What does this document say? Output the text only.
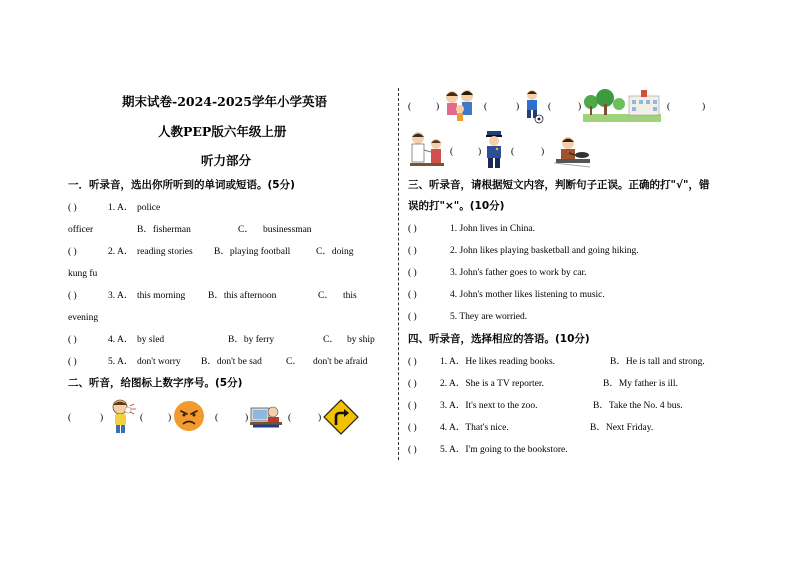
期末试卷-2024-2025学年小学英语
人教PEP版六年级上册
听力部分
一．听录音，选出你所听到的单词或短语。(5分)
( )	1. A． police
officer	B．fisherman	C． businessman
( )	2. A． reading stories B．playing football	C．doing
kung fu
( )	3. A． this morning B．this afternoon	C． this
evening
( )	4. A． by sled	B．by ferry	C． by ship
( )	5. A． don't worry B．don't be sad	C． don't be afraid
二、听音，给图标上数字序号。(5分)
(	)	(	)	(	)	(	)
(	)	(	)	(	)	(	)
(	)	(	)
三、听录音，请根据短文内容，判断句子正误。正确的打"√"，错
误的打"×"。(10分)
( )	1. John lives in China.
( )	2. John likes playing basketball and going hiking.
( )	3. John's father goes to work by car.
( )	4. John's mother likes listening to music.
( )	5. They are worried.
四、听录音，选择相应的答语。(10分)
( ) 1. A．He likes reading books.	B．He is tall and strong.
( ) 2. A．She is a TV reporter.	B．My father is ill.
( ) 3. A．It's next to the zoo.	B．Take the No. 4 bus.
( ) 4. A．That's nice.	B．Next Friday.
( ) 5. A．I'm going to the bookstore.
